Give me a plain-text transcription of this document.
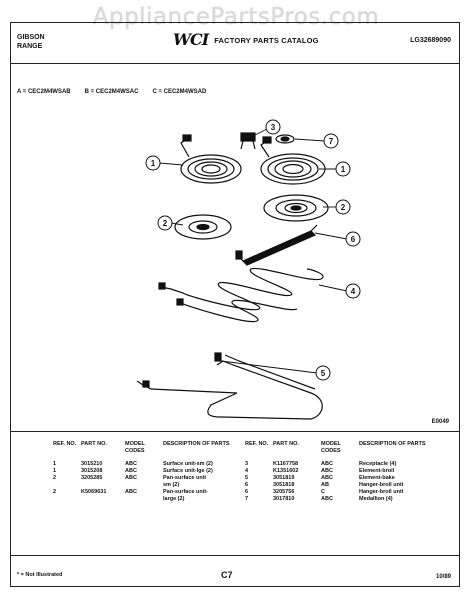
AppliancePartsPros.com
GIBSON
RANGE	WCI FACTORY PARTS CATALOG	LG32689090
A = CEC2M4WSAB B = CEC2M4WSAC C = CEC2M4WSAD
1
1
2
2
3
4
5
6
7
E0049
REF. NO.	PART NO.	MODEL CODES	DESCRIPTION OF PARTS
1	3015210	ABC	Surface unit-sm (2)
1	3015208	ABC	Surface unit-lge (2)
2	3205285	ABC	Pan-surface unit
			sm (2)
2	K5069631	ABC	Pan-surface unit-
			large (2)
REF. NO.	PART NO.	MODEL CODES	DESCRIPTION OF PARTS
3	K1167758	ABC	Receptacle (4)
4	K1351602	ABC	Element-broil
5	3051819	ABC	Element-bake
6	3051818	AB	Hanger-broil unit
6	3205756	C	Hanger-broil unit
7	3017810	ABC	Medallion (4)
* = Not Illustrated	C7	10/89
